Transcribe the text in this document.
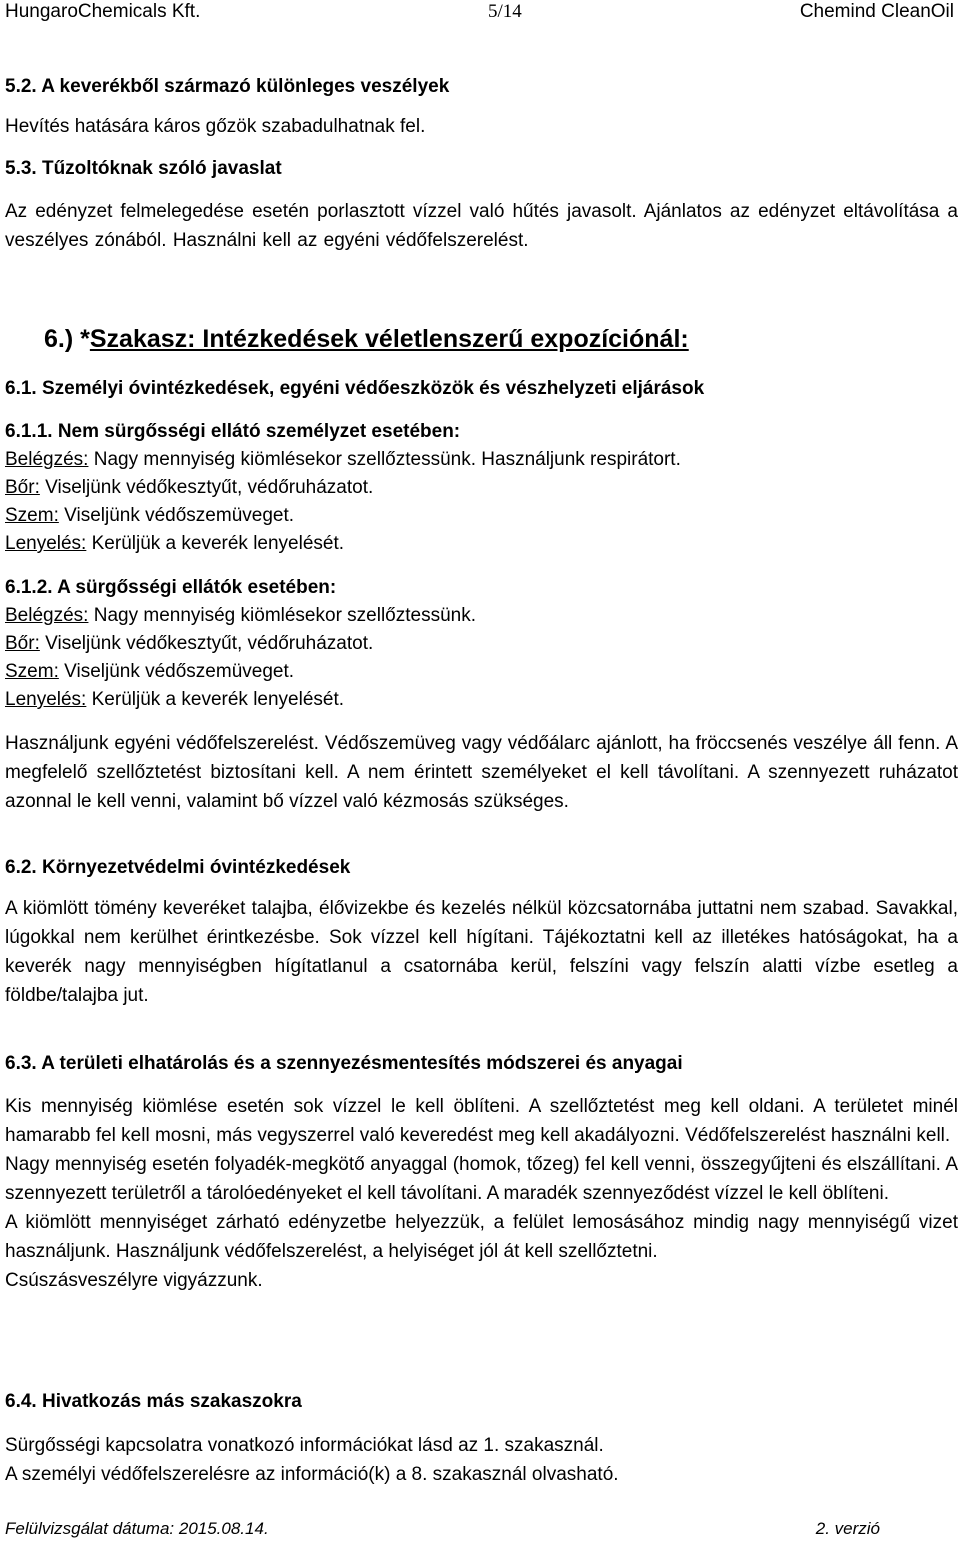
HungaroChemicals Kft.	5/14	Chemind CleanOil

5.2. A keverékből származó különleges veszélyek

Hevítés hatására káros gőzök szabadulhatnak fel.

5.3. Tűzoltóknak szóló javaslat

Az edényzet felmelegedése esetén porlasztott vízzel való hűtés javasolt. Ajánlatos az edényzet eltávolítása a veszélyes zónából. Használni kell az egyéni védőfelszerelést.

6.) *Szakasz: Intézkedések véletlenszerű expozíciónál:

6.1. Személyi óvintézkedések, egyéni védőeszközök és vészhelyzeti eljárások

6.1.1. Nem sürgősségi ellátó személyzet esetében:

Belégzés: Nagy mennyiség kiömlésekor szellőztessünk. Használjunk respirátort.
Bőr: Viseljünk védőkesztyűt, védőruházatot.
Szem: Viseljünk védőszemüveget.
Lenyelés: Kerüljük a keverék lenyelését.

6.1.2. A sürgősségi ellátók esetében:

Belégzés: Nagy mennyiség kiömlésekor szellőztessünk.
Bőr: Viseljünk védőkesztyűt, védőruházatot.
Szem: Viseljünk védőszemüveget.
Lenyelés: Kerüljük a keverék lenyelését.

Használjunk egyéni védőfelszerelést. Védőszemüveg vagy védőálarc ajánlott, ha fröccsenés veszélye áll fenn. A megfelelő szellőztetést biztosítani kell. A nem érintett személyeket el kell távolítani. A szennyezett ruházatot azonnal le kell venni, valamint bő vízzel való kézmosás szükséges.

6.2. Környezetvédelmi óvintézkedések

A kiömlött tömény keveréket talajba, élővizekbe és kezelés nélkül közcsatornába juttatni nem szabad. Savakkal, lúgokkal nem kerülhet érintkezésbe. Sok vízzel kell hígítani. Tájékoztatni kell az illetékes hatóságokat, ha a keverék nagy mennyiségben hígítatlanul a csatornába kerül, felszíni vagy felszín alatti vízbe esetleg a földbe/talajba jut.

6.3. A területi elhatárolás és a szennyezésmentesítés módszerei és anyagai

Kis mennyiség kiömlése esetén sok vízzel le kell öblíteni. A szellőztetést meg kell oldani. A területet minél hamarabb fel kell mosni, más vegyszerrel való keveredést meg kell akadályozni. Védőfelszerelést használni kell.
Nagy mennyiség esetén folyadék-megkötő anyaggal (homok, tőzeg) fel kell venni, összegyűjteni és elszállítani. A szennyezett területről a tárolóedényeket el kell távolítani. A maradék szennyeződést vízzel le kell öblíteni.
A kiömlött mennyiséget zárható edényzetbe helyezzük, a felület lemosásához mindig nagy mennyiségű vizet használjunk. Használjunk védőfelszerelést, a helyiséget jól át kell szellőztetni.
Csúszásveszélyre vigyázzunk.

6.4. Hivatkozás más szakaszokra

Sürgősségi kapcsolatra vonatkozó információkat lásd az 1. szakasznál.
A személyi védőfelszerelésre az információ(k) a 8. szakasznál olvasható.
Felülvizsgálat dátuma: 2015.08.14.	2. verzió
